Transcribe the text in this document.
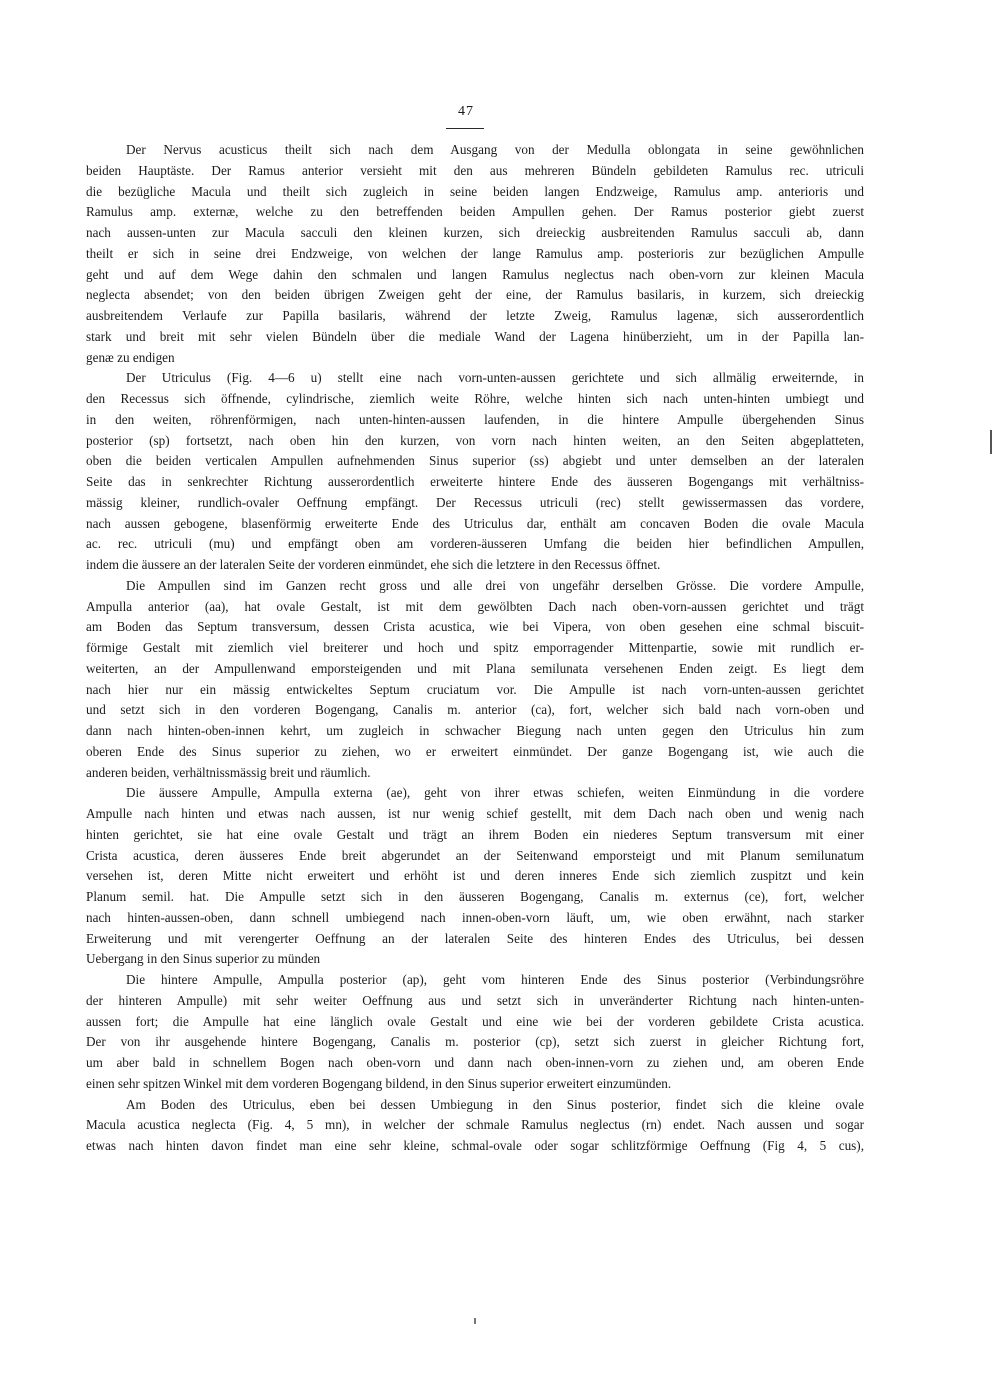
47
Der Nervus acusticus theilt sich nach dem Ausgang von der Medulla oblongata in seine gewöhnlichen
beiden Hauptäste. Der Ramus anterior versieht mit den aus mehreren Bündeln gebildeten Ramulus rec. utriculi
die bezügliche Macula und theilt sich zugleich in seine beiden langen Endzweige, Ramulus amp. anterioris und
Ramulus amp. externæ, welche zu den betreffenden beiden Ampullen gehen. Der Ramus posterior giebt zuerst
nach aussen-unten zur Macula sacculi den kleinen kurzen, sich dreieckig ausbreitenden Ramulus sacculi ab, dann
theilt er sich in seine drei Endzweige, von welchen der lange Ramulus amp. posterioris zur bezüglichen Ampulle
geht und auf dem Wege dahin den schmalen und langen Ramulus neglectus nach oben-vorn zur kleinen Macula
neglecta absendet; von den beiden übrigen Zweigen geht der eine, der Ramulus basilaris, in kurzem, sich dreieckig
ausbreitendem Verlaufe zur Papilla basilaris, während der letzte Zweig, Ramulus lagenæ, sich ausserordentlich
stark und breit mit sehr vielen Bündeln über die mediale Wand der Lagena hinüberzieht, um in der Papilla lan-
genæ zu endigen
Der Utriculus (Fig. 4—6 u) stellt eine nach vorn-unten-aussen gerichtete und sich allmälig erweiternde, in
den Recessus sich öffnende, cylindrische, ziemlich weite Röhre, welche hinten sich nach unten-hinten umbiegt und
in den weiten, röhrenförmigen, nach unten-hinten-aussen laufenden, in die hintere Ampulle übergehenden Sinus
posterior (sp) fortsetzt, nach oben hin den kurzen, von vorn nach hinten weiten, an den Seiten abgeplatteten,
oben die beiden verticalen Ampullen aufnehmenden Sinus superior (ss) abgiebt und unter demselben an der lateralen
Seite das in senkrechter Richtung ausserordentlich erweiterte hintere Ende des äusseren Bogengangs mit verhältniss-
mässig kleiner, rundlich-ovaler Oeffnung empfängt. Der Recessus utriculi (rec) stellt gewissermassen das vordere,
nach aussen gebogene, blasenförmig erweiterte Ende des Utriculus dar, enthält am concaven Boden die ovale Macula
ac. rec. utriculi (mu) und empfängt oben am vorderen-äusseren Umfang die beiden hier befindlichen Ampullen,
indem die äussere an der lateralen Seite der vorderen einmündet, ehe sich die letztere in den Recessus öffnet.
Die Ampullen sind im Ganzen recht gross und alle drei von ungefähr derselben Grösse. Die vordere Ampulle,
Ampulla anterior (aa), hat ovale Gestalt, ist mit dem gewölbten Dach nach oben-vorn-aussen gerichtet und trägt
am Boden das Septum transversum, dessen Crista acustica, wie bei Vipera, von oben gesehen eine schmal biscuit-
förmige Gestalt mit ziemlich viel breiterer und hoch und spitz emporragender Mittenpartie, sowie mit rundlich er-
weiterten, an der Ampullenwand emporsteigenden und mit Plana semilunata versehenen Enden zeigt. Es liegt dem
nach hier nur ein mässig entwickeltes Septum cruciatum vor. Die Ampulle ist nach vorn-unten-aussen gerichtet
und setzt sich in den vorderen Bogengang, Canalis m. anterior (ca), fort, welcher sich bald nach vorn-oben und
dann nach hinten-oben-innen kehrt, um zugleich in schwacher Biegung nach unten gegen den Utriculus hin zum
oberen Ende des Sinus superior zu ziehen, wo er erweitert einmündet. Der ganze Bogengang ist, wie auch die
anderen beiden, verhältnissmässig breit und räumlich.
Die äussere Ampulle, Ampulla externa (ae), geht von ihrer etwas schiefen, weiten Einmündung in die vordere
Ampulle nach hinten und etwas nach aussen, ist nur wenig schief gestellt, mit dem Dach nach oben und wenig nach
hinten gerichtet, sie hat eine ovale Gestalt und trägt an ihrem Boden ein niederes Septum transversum mit einer
Crista acustica, deren äusseres Ende breit abgerundet an der Seitenwand emporsteigt und mit Planum semilunatum
versehen ist, deren Mitte nicht erweitert und erhöht ist und deren inneres Ende sich ziemlich zuspitzt und kein
Planum semil. hat. Die Ampulle setzt sich in den äusseren Bogengang, Canalis m. externus (ce), fort, welcher
nach hinten-aussen-oben, dann schnell umbiegend nach innen-oben-vorn läuft, um, wie oben erwähnt, nach starker
Erweiterung und mit verengerter Oeffnung an der lateralen Seite des hinteren Endes des Utriculus, bei dessen
Uebergang in den Sinus superior zu münden
Die hintere Ampulle, Ampulla posterior (ap), geht vom hinteren Ende des Sinus posterior (Verbindungsröhre
der hinteren Ampulle) mit sehr weiter Oeffnung aus und setzt sich in unveränderter Richtung nach hinten-unten-
aussen fort; die Ampulle hat eine länglich ovale Gestalt und eine wie bei der vorderen gebildete Crista acustica.
Der von ihr ausgehende hintere Bogengang, Canalis m. posterior (cp), setzt sich zuerst in gleicher Richtung fort,
um aber bald in schnellem Bogen nach oben-vorn und dann nach oben-innen-vorn zu ziehen und, am oberen Ende
einen sehr spitzen Winkel mit dem vorderen Bogengang bildend, in den Sinus superior erweitert einzumünden.
Am Boden des Utriculus, eben bei dessen Umbiegung in den Sinus posterior, findet sich die kleine ovale
Macula acustica neglecta (Fig. 4, 5 mn), in welcher der schmale Ramulus neglectus (rn) endet. Nach aussen und sogar
etwas nach hinten davon findet man eine sehr kleine, schmal-ovale oder sogar schlitzförmige Oeffnung (Fig 4, 5 cus),
